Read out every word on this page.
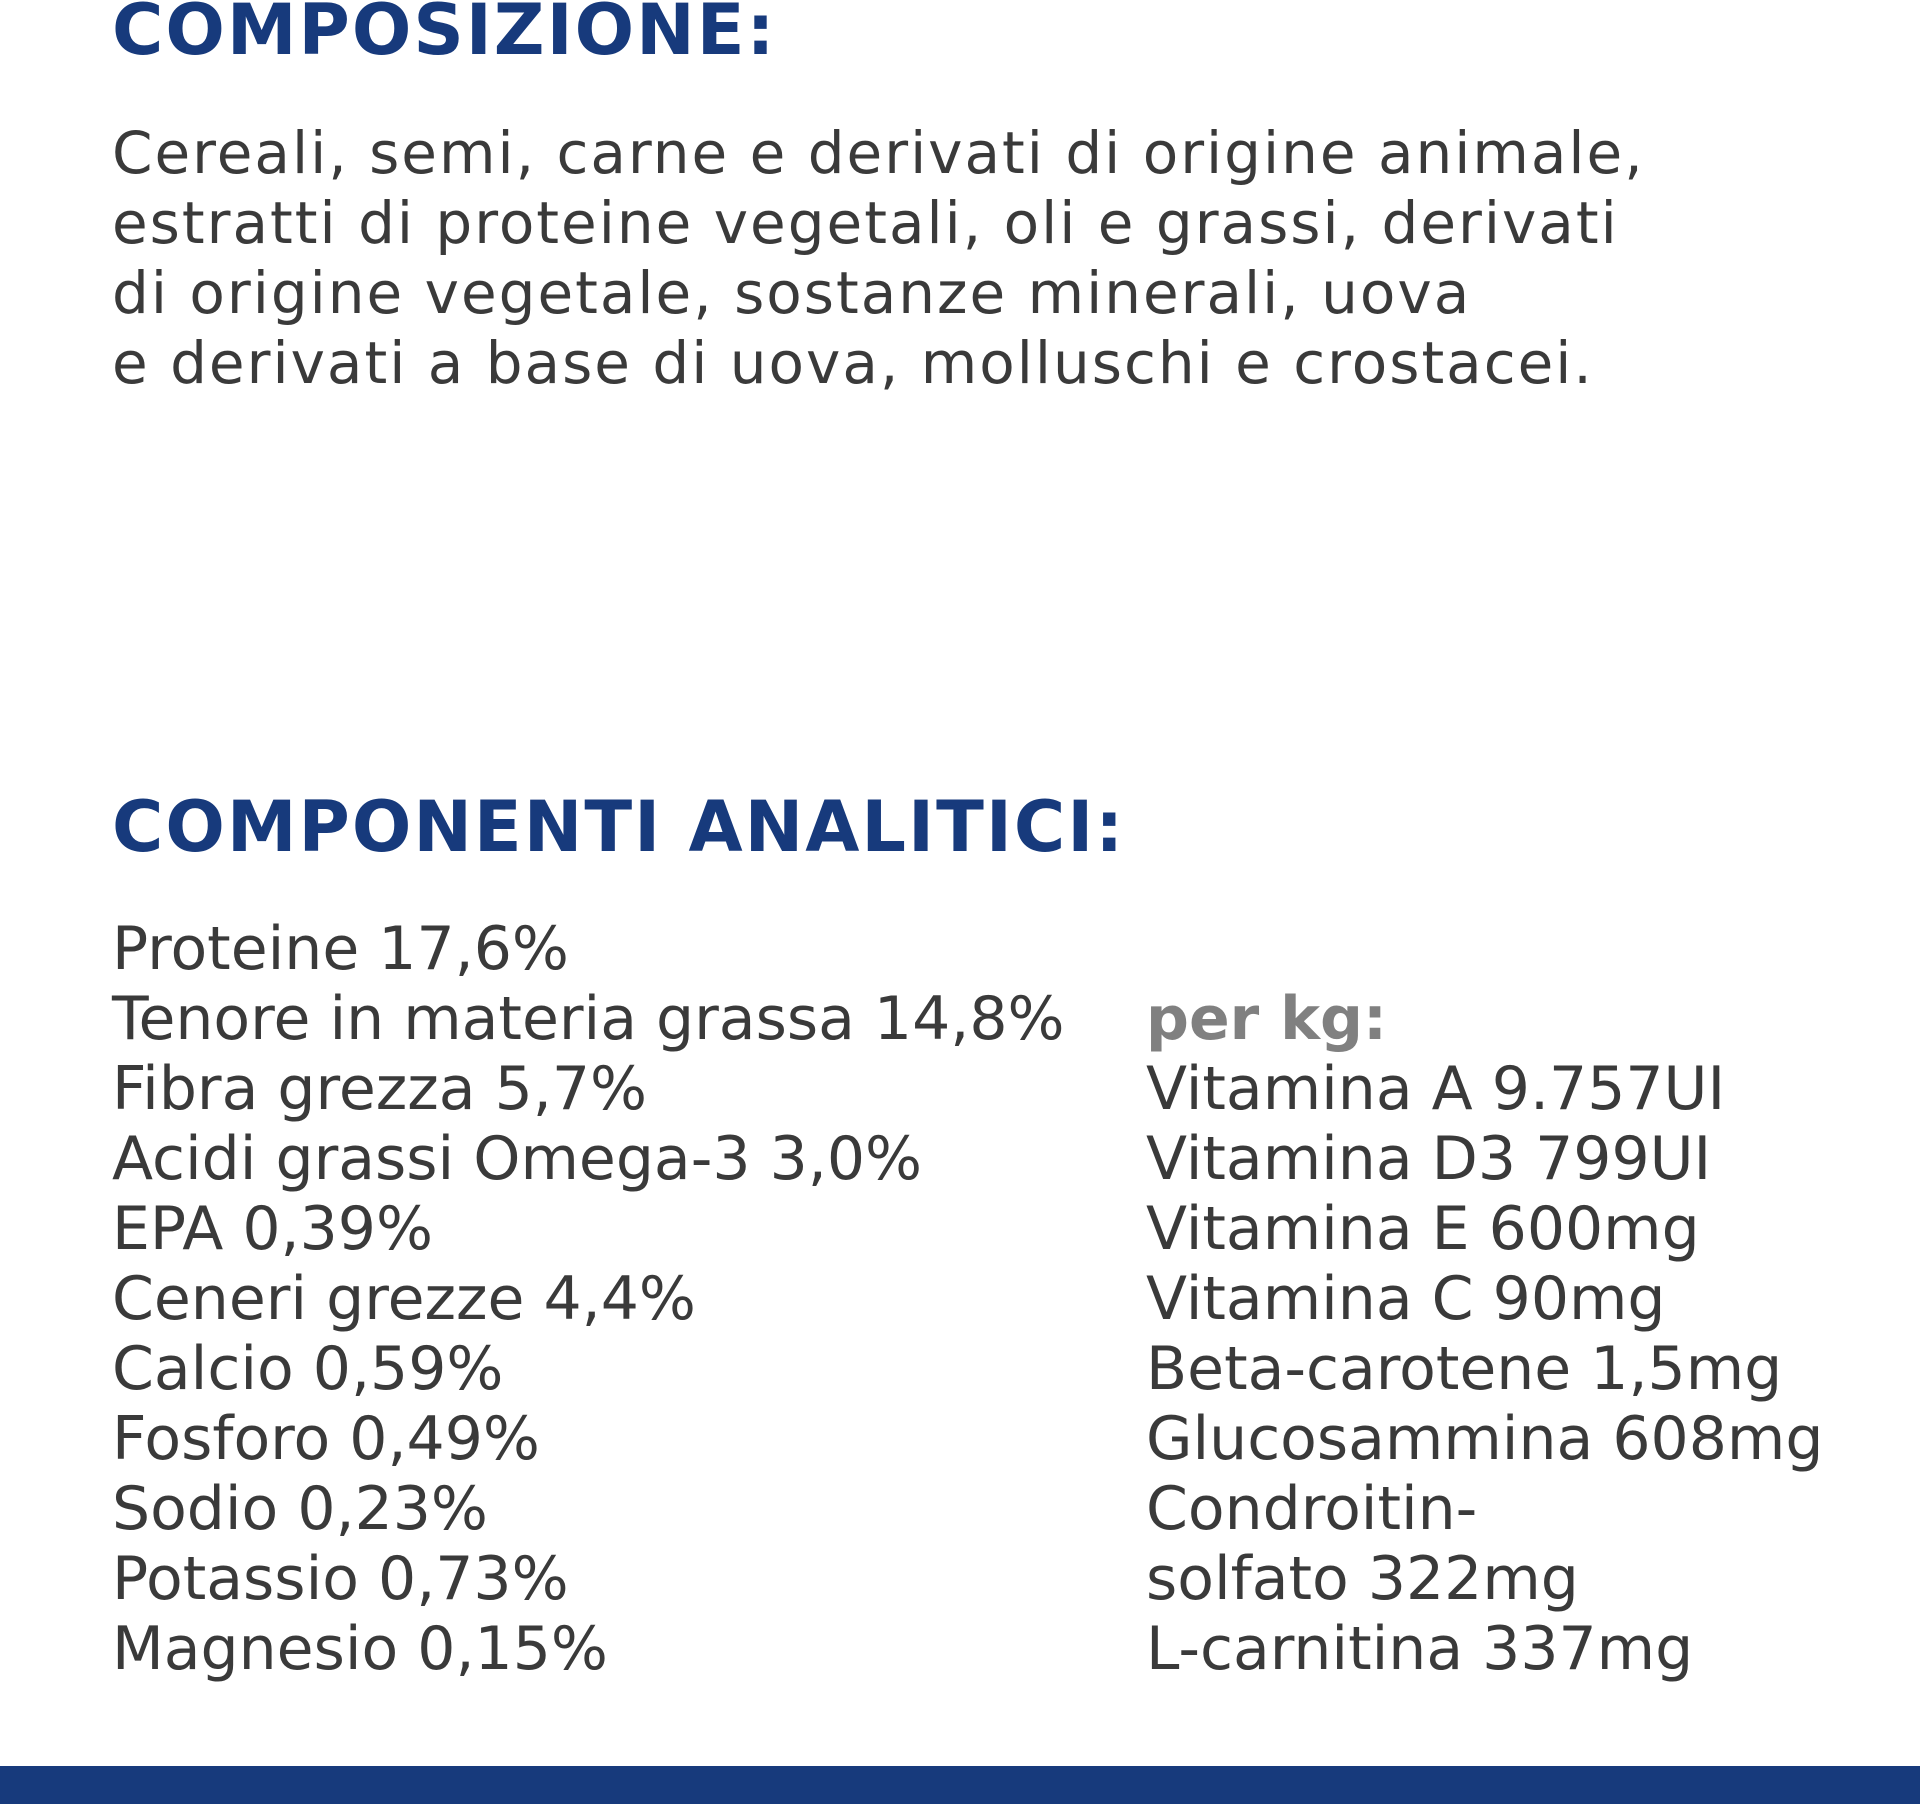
COMPOSIZIONE:

Cereali, semi, carne e derivati di origine animale,
estratti di proteine vegetali, oli e grassi, derivati
di origine vegetale, sostanze minerali, uova
e derivati a base di uova, molluschi e crostacei.

COMPONENTI ANALITICI:
Proteine 17,6%
Tenore in materia grassa 14,8%
Fibra grezza 5,7%
Acidi grassi Omega-3 3,0%
EPA 0,39%
Ceneri grezze 4,4%
Calcio 0,59%
Fosforo 0,49%
Sodio 0,23%
Potassio 0,73%
Magnesio 0,15%
per kg:
Vitamina A 9.757UI
Vitamina D3 799UI
Vitamina E 600mg
Vitamina C 90mg
Beta-carotene 1,5mg
Glucosammina 608mg
Condroitin-
solfato 322mg
L-carnitina 337mg
